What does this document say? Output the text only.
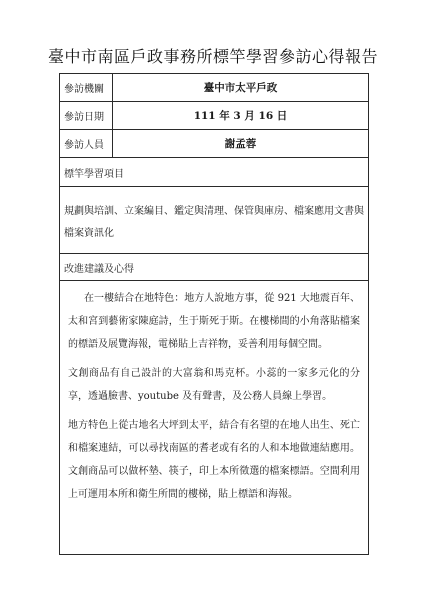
臺中市南區戶政事務所標竿學習參訪心得報告
參訪機關	臺中市太平戶政
參訪日期	111 年 3 月 16 日
參訪人員	謝孟蓉
標竿學習項目
規劃與培訓、立案編目、鑑定與清理、保管與庫房、檔案應用文書與檔案資訊化
改進建議及心得

在一樓結合在地特色：地方人說地方事，從 921 大地震百年、太和宮到藝術家陳庭詩，生于斯死于斯。在樓梯間的小角落貼檔案的標語及展覽海報，電梯貼上吉祥物，妥善利用每個空間。

文創商品有自己設計的大富翁和馬克杯。小蕊的一家多元化的分享，透過臉書、youtube 及有聲書，及公務人員線上學習。

地方特色上從古地名大坪到太平，結合有名望的在地人出生、死亡和檔案連結，可以尋找南區的耆老或有名的人和本地做連結應用。文創商品可以做杯墊、筷子，印上本所徵選的檔案標語。空間利用上可運用本所和衛生所間的樓梯，貼上標語和海報。
